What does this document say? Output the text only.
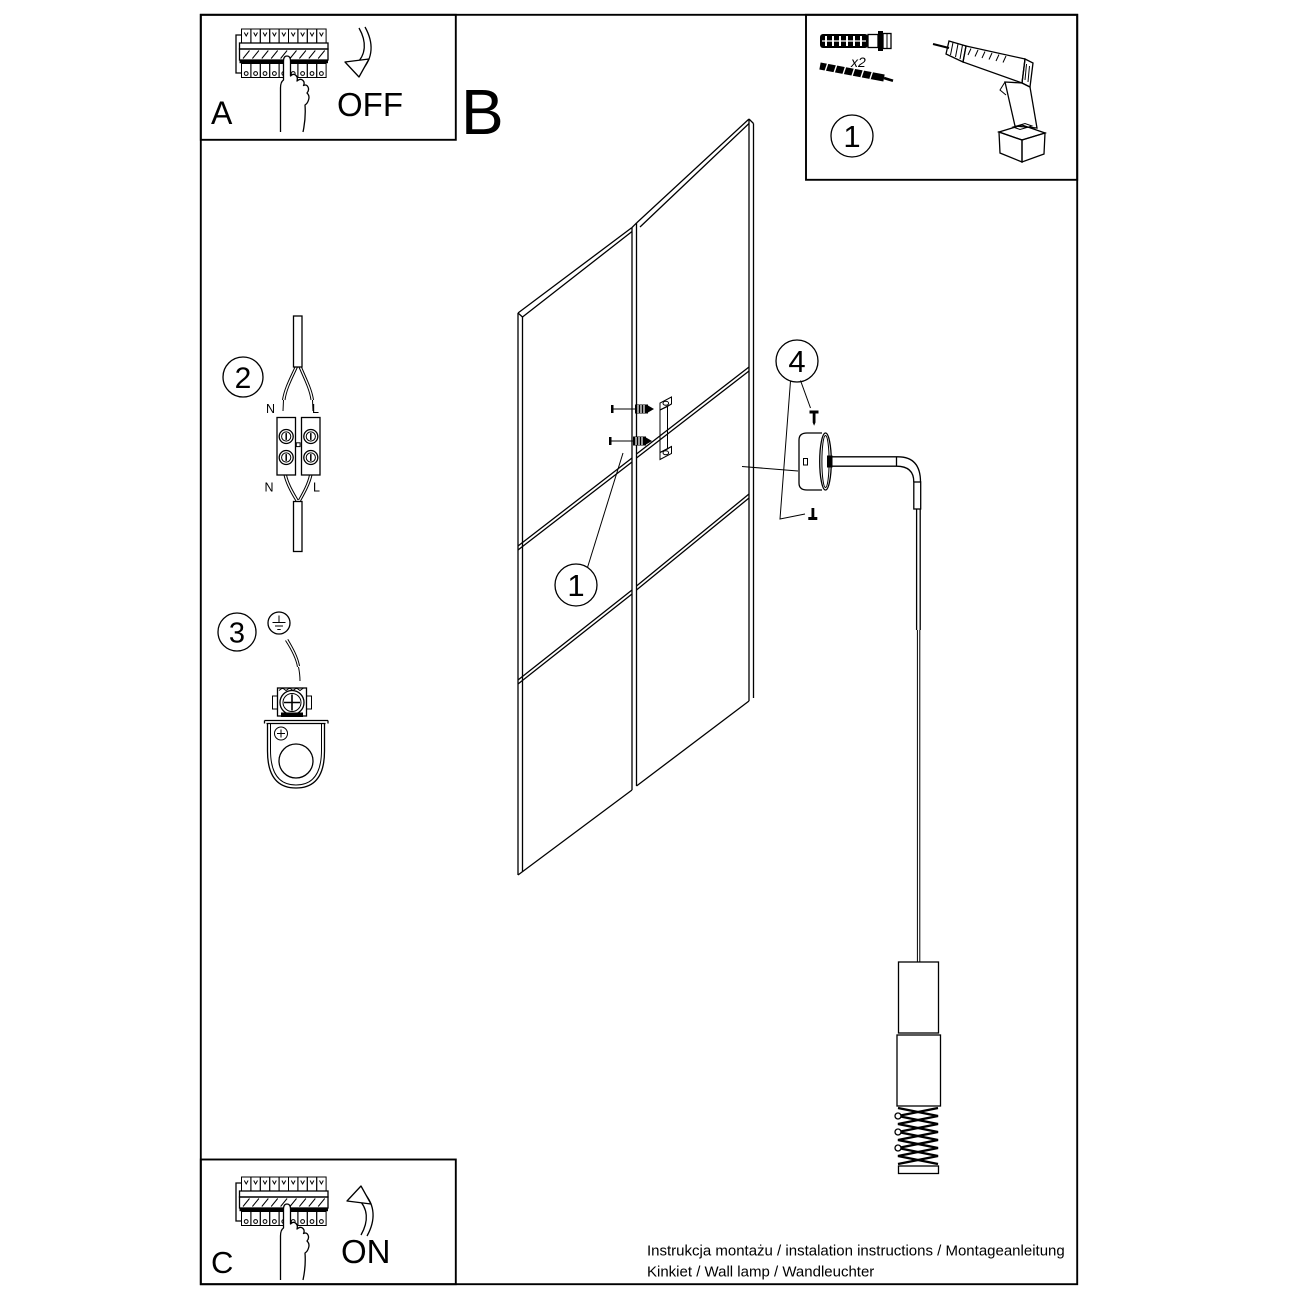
A	OFF B
x2
1
2
N	L
N	L
3
1
4
C	ON	Instrukcja montażu / instalation instructions / Montageanleitung
Kinkiet / Wall lamp / Wandleuchter
